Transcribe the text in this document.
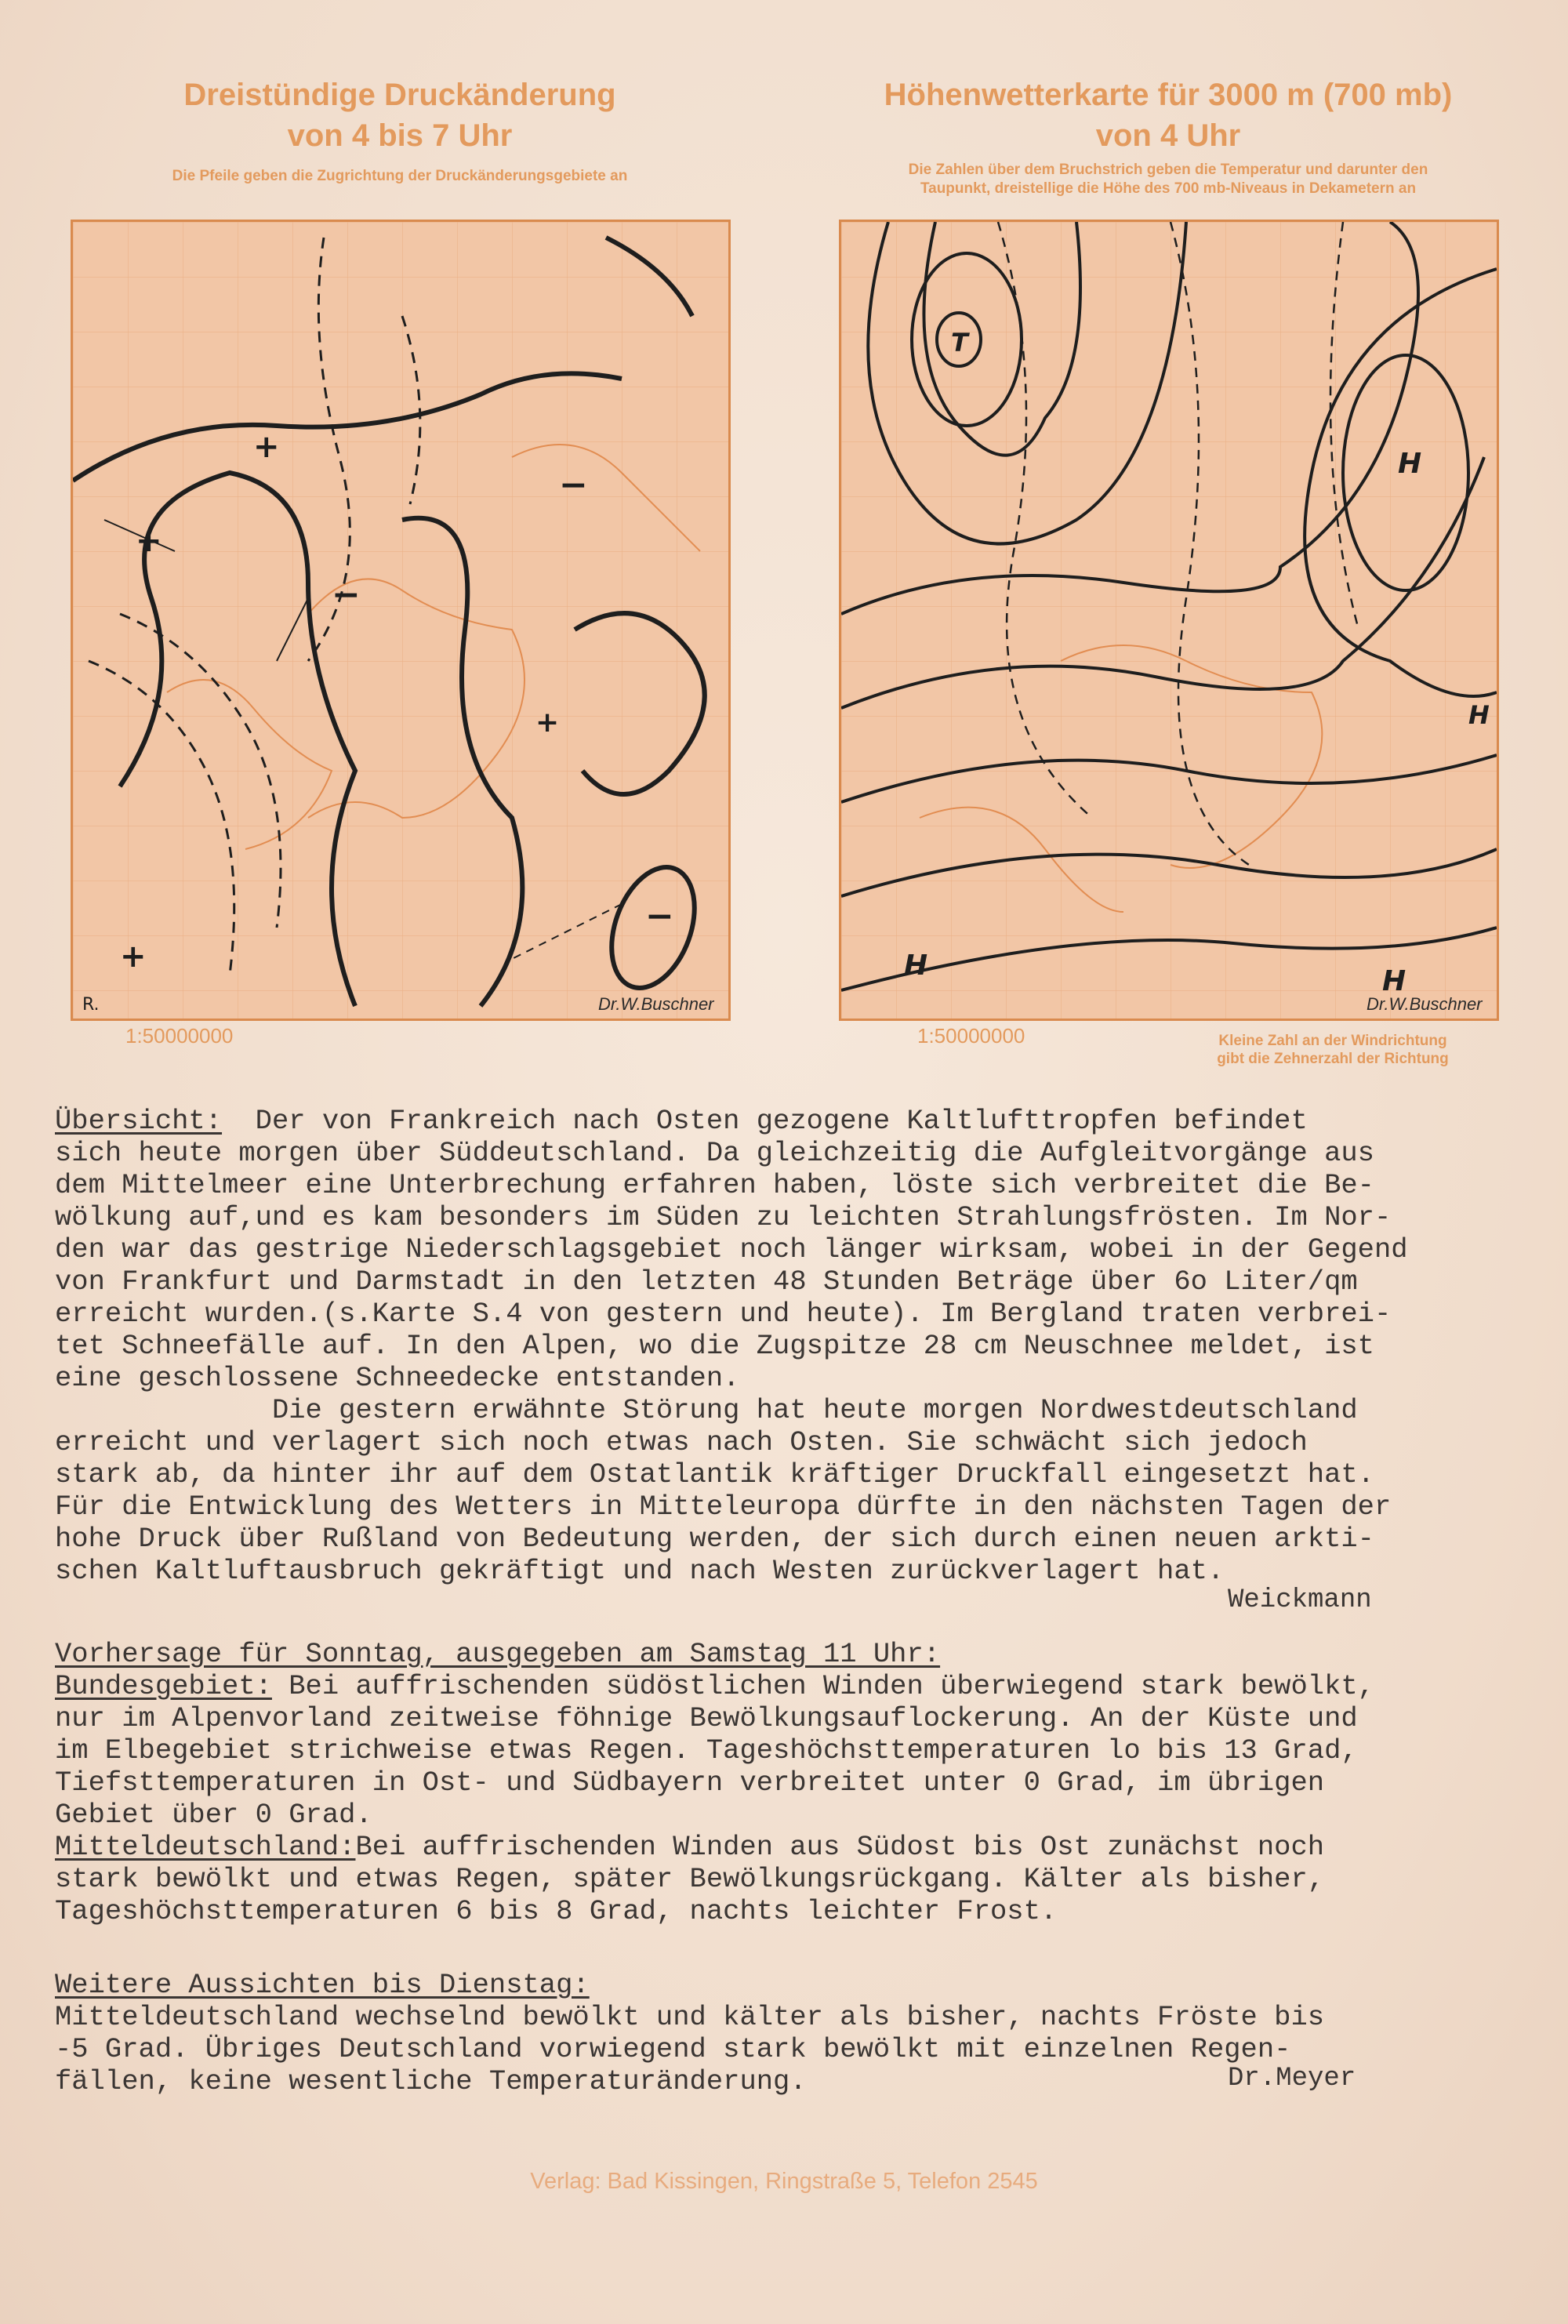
Dreistündige Druckänderung
von 4 bis 7 Uhr
Die Pfeile geben die Zugrichtung der Druckänderungsgebiete an
Höhenwetterkarte für 3000 m (700 mb)
von 4 Uhr
Die Zahlen über dem Bruchstrich geben die Temperatur und darunter den
Taupunkt, dreistellige die Höhe des 700 mb-Niveaus in Dekametern an
+
+
−
−
−
+
+
R.	Dr.W.Buschner
T
H
H	H
H
Dr.W.Buschner
1:50000000	1:50000000	Kleine Zahl an der Windrichtung
gibt die Zehnerzahl der Richtung

Übersicht:  Der von Frankreich nach Osten gezogene Kaltlufttropfen befindet
sich heute morgen über Süddeutschland. Da gleichzeitig die Aufgleitvorgänge aus
dem Mittelmeer eine Unterbrechung erfahren haben, löste sich verbreitet die Be-
wölkung auf,und es kam besonders im Süden zu leichten Strahlungsfrösten. Im Nor-
den war das gestrige Niederschlagsgebiet noch länger wirksam, wobei in der Gegend
von Frankfurt und Darmstadt in den letzten 48 Stunden Beträge über 6o Liter/qm
erreicht wurden.(s.Karte S.4 von gestern und heute). Im Bergland traten verbrei-
tet Schneefälle auf. In den Alpen, wo die Zugspitze 28 cm Neuschnee meldet, ist
eine geschlossene Schneedecke entstanden.
Die gestern erwähnte Störung hat heute morgen Nordwestdeutschland
erreicht und verlagert sich noch etwas nach Osten. Sie schwächt sich jedoch
stark ab, da hinter ihr auf dem Ostatlantik kräftiger Druckfall eingesetzt hat.
Für die Entwicklung des Wetters in Mitteleuropa dürfte in den nächsten Tagen der
hohe Druck über Rußland von Bedeutung werden, der sich durch einen neuen arkti-
schen Kaltluftausbruch gekräftigt und nach Westen zurückverlagert hat.

Weickmann

Vorhersage für Sonntag, ausgegeben am Samstag 11 Uhr:
Bundesgebiet: Bei auffrischenden südöstlichen Winden überwiegend stark bewölkt,
nur im Alpenvorland zeitweise föhnige Bewölkungsauflockerung. An der Küste und
im Elbegebiet strichweise etwas Regen. Tageshöchsttemperaturen lo bis 13 Grad,
Tiefsttemperaturen in Ost- und Südbayern verbreitet unter 0 Grad, im übrigen
Gebiet über 0 Grad.
Mitteldeutschland:Bei auffrischenden Winden aus Südost bis Ost zunächst noch
stark bewölkt und etwas Regen, später Bewölkungsrückgang. Kälter als bisher,
Tageshöchsttemperaturen 6 bis 8 Grad, nachts leichter Frost.

Weitere Aussichten bis Dienstag:
Mitteldeutschland wechselnd bewölkt und kälter als bisher, nachts Fröste bis
-5 Grad. Übriges Deutschland vorwiegend stark bewölkt mit einzelnen Regen-
fällen, keine wesentliche Temperaturänderung.

	Dr.Meyer
Verlag: Bad Kissingen, Ringstraße 5, Telefon 2545
